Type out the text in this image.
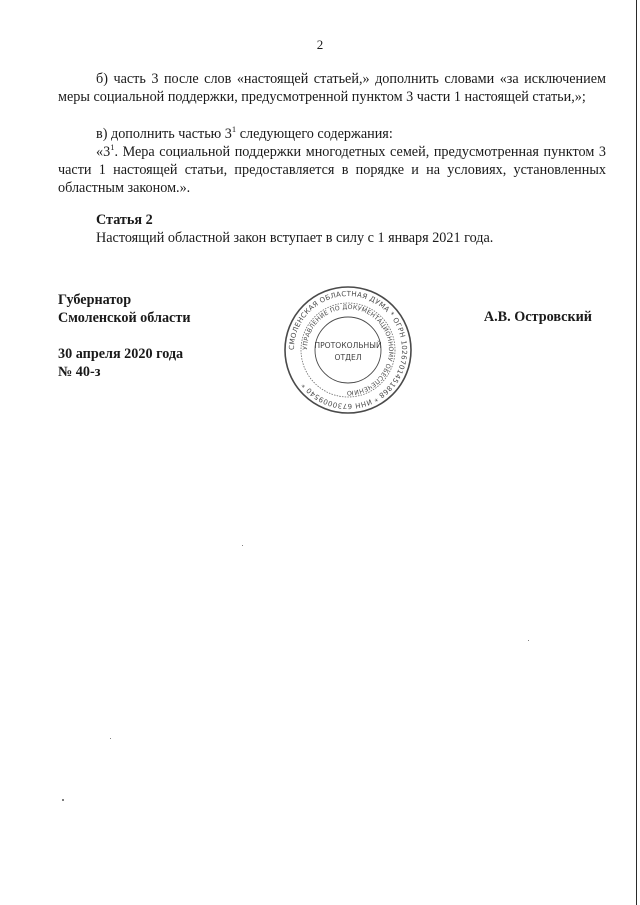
2

б) часть 3 после слов «настоящей статьей,» дополнить словами «за исключением меры социальной поддержки, предусмотренной пунктом 3 части 1 настоящей статьи,»;

в) дополнить частью $3^1$ следующего содержания:

«$3^1$. Мера социальной поддержки многодетных семей, предусмотренная пунктом 3 части 1 настоящей статьи, предоставляется в порядке и на условиях, установленных областным законом.».

Статья 2
Настоящий областной закон вступает в силу с 1 января 2021 года.
Губернатор
Смоленской области
30 апреля 2020 года
№ 40-з
А.В. Островский
СМОЛЕНСКАЯ ОБЛАСТНАЯ ДУМА * ОГРН 1026701451868 * ИНН 6730009540 *
УПРАВЛЕНИЕ ПО ДОКУМЕНТАЦИОННОМУ ОБЕСПЕЧЕНИЮ
ПРОТОКОЛЬНЫЙ
ОТДЕЛ
